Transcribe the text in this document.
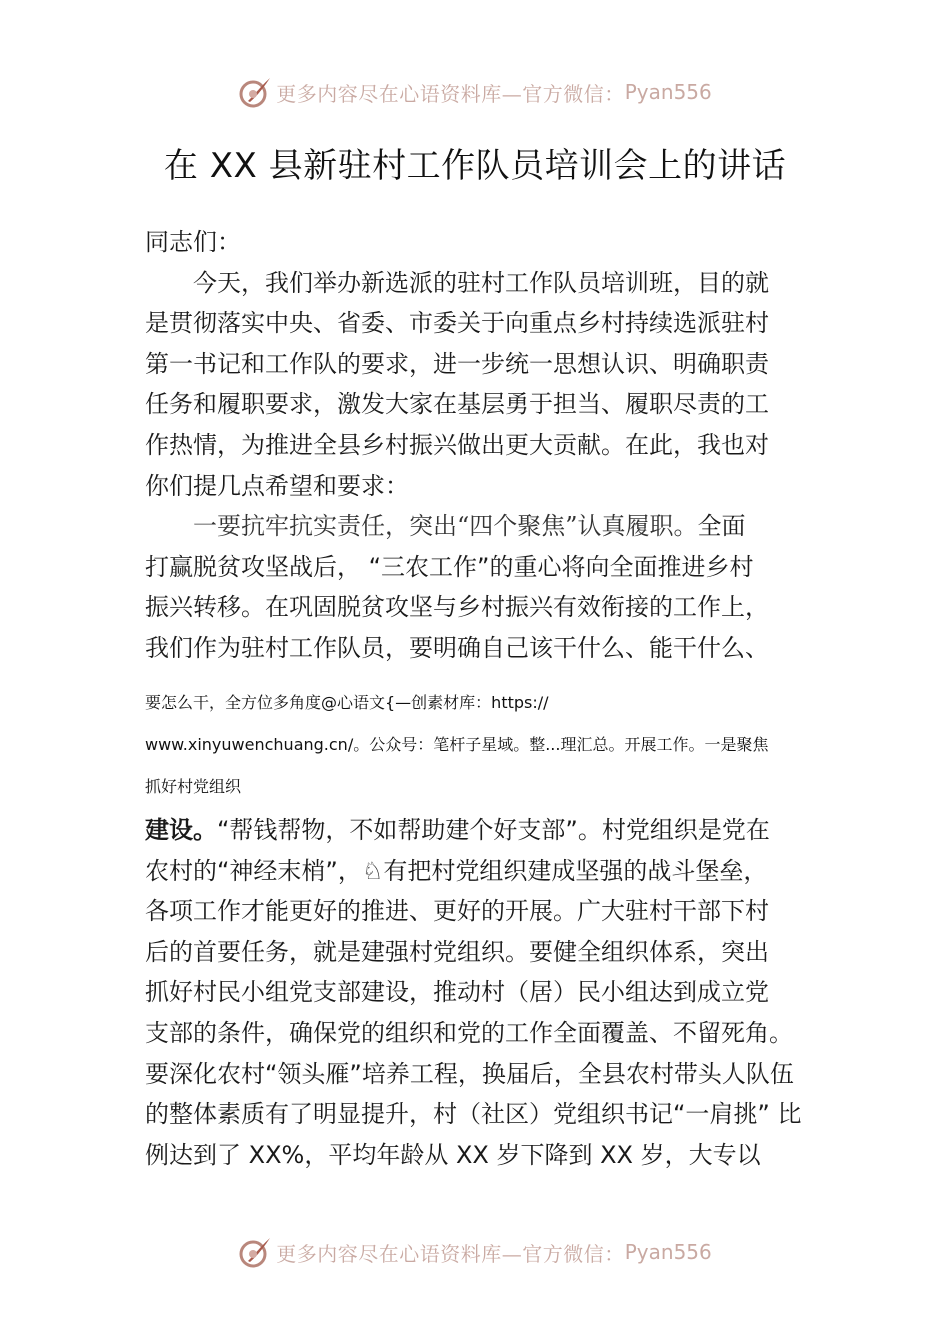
更多内容尽在心语资料库—官方微信： Pyan556
在 XX 县新驻村工作队员培训会上的讲话
同志们：
今天，我们举办新选派的驻村工作队员培训班，目的就
是贯彻落实中央、省委、市委关于向重点乡村持续选派驻村
第一书记和工作队的要求，进一步统一思想认识、明确职责
任务和履职要求，激发大家在基层勇于担当、履职尽责的工
作热情，为推进全县乡村振兴做出更大贡献。在此，我也对
你们提几点希望和要求：
一要抗牢抗实责任，突出“四个聚焦”认真履职。全面
打赢脱贫攻坚战后， “三农工作”的重心将向全面推进乡村
振兴转移。在巩固脱贫攻坚与乡村振兴有效衔接的工作上，
我们作为驻村工作队员，要明确自己该干什么、能干什么、
要怎么干，全方位多角度@心语文{—创素材库：https://
www.xinyuwenchuang.cn/。公众号：笔杆子星域。整...理汇总。开展工作。一是聚焦
抓好村党组织
建设。“帮钱帮物，不如帮助建个好支部”。村党组织是党在
农村的“神经末梢”，♘有把村党组织建成坚强的战斗堡垒，
各项工作才能更好的推进、更好的开展。广大驻村干部下村
后的首要任务，就是建强村党组织。要健全组织体系，突出
抓好村民小组党支部建设，推动村（居）民小组达到成立党
支部的条件，确保党的组织和党的工作全面覆盖、不留死角。
要深化农村“领头雁”培养工程，换届后，全县农村带头人队伍
的整体素质有了明显提升，村（社区）党组织书记“一肩挑” 比
例达到了 XX%，平均年龄从 XX 岁下降到 XX 岁，大专以
更多内容尽在心语资料库—官方微信： Pyan556
